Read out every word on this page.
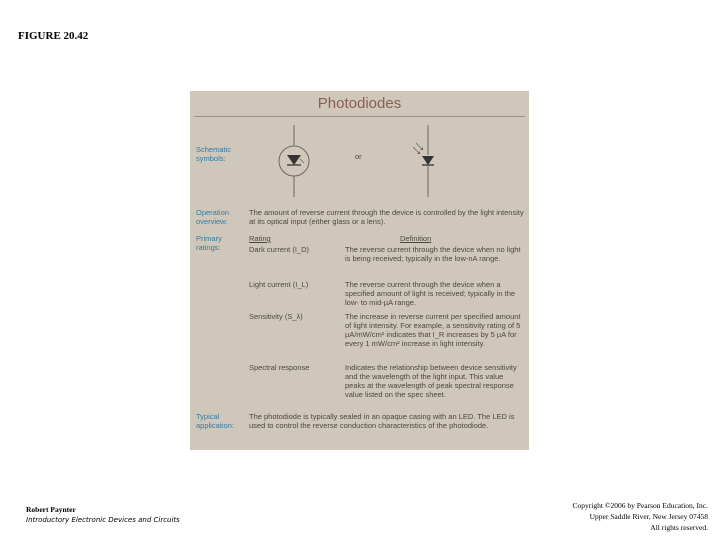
FIGURE 20.42
Photodiodes
Schematic symbols:	or
Operation overview:
The amount of reverse current through the device is controlled by the light intensity at its optical input (either glass or a lens).
Primary ratings:
Rating	Definition
Dark current (I_D)	The reverse current through the device when no light is being received; typically in the low-nA range.
Light current (I_L)	The reverse current through the device when a specified amount of light is received; typically in the low- to mid-µA range.
Sensitivity (S_λ)	The increase in reverse current per specified amount of light intensity. For example, a sensitivity rating of 5 µA/mW/cm² indicates that I_R increases by 5 µA for every 1 mW/cm² increase in light intensity.
Spectral response	Indicates the relationship between device sensitivity and the wavelength of the light input. This value peaks at the wavelength of peak spectral response value listed on the spec sheet.
Typical application:
The photodiode is typically sealed in an opaque casing with an LED. The LED is used to control the reverse conduction characteristics of the photodiode.
Robert Paynter
Introductory Electronic Devices and Circuits
Copyright ©2006 by Pearson Education, Inc.
Upper Saddle River, New Jersey 07458
All rights reserved.
